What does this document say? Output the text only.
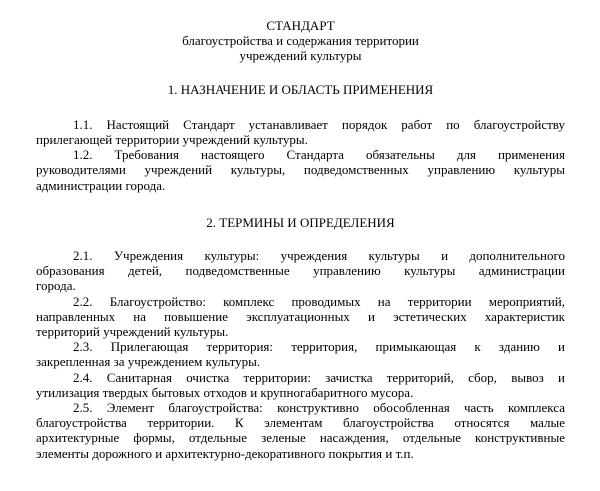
СТАНДАРТ
благоустройства и содержания территории
учреждений культуры
1. НАЗНАЧЕНИЕ И ОБЛАСТЬ ПРИМЕНЕНИЯ
1.1. Настоящий Стандарт устанавливает порядок работ по благоустройству
прилегающей территории учреждений культуры.
1.2. Требования настоящего Стандарта обязательны для применения
руководителями учреждений культуры, подведомственных управлению культуры
администрации города.
2. ТЕРМИНЫ И ОПРЕДЕЛЕНИЯ
2.1. Учреждения культуры: учреждения культуры и дополнительного
образования детей, подведомственные управлению культуры администрации
города.
2.2. Благоустройство: комплекс проводимых на территории мероприятий,
направленных на повышение эксплуатационных и эстетических характеристик
территорий учреждений культуры.
2.3. Прилегающая территория: территория, примыкающая к зданию и
закрепленная за учреждением культуры.
2.4. Санитарная очистка территории: зачистка территорий, сбор, вывоз и
утилизация твердых бытовых отходов и крупногабаритного мусора.
2.5. Элемент благоустройства: конструктивно обособленная часть комплекса
благоустройства территории. К элементам благоустройства относятся малые
архитектурные формы, отдельные зеленые насаждения, отдельные конструктивные
элементы дорожного и архитектурно-декоративного покрытия и т.п.
